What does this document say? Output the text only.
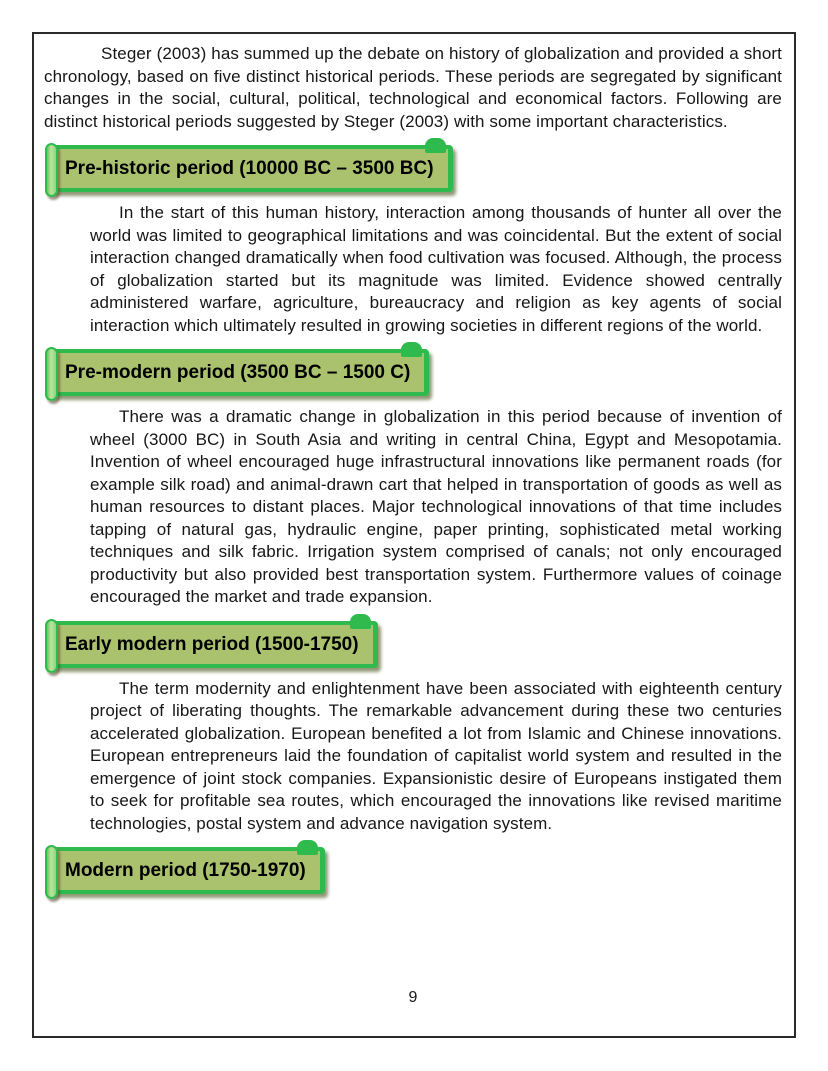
Steger (2003) has summed up the debate on history of globalization and provided a short chronology, based on five distinct historical periods. These periods are segregated by significant changes in the social, cultural, political, technological and economical factors. Following are distinct historical periods suggested by Steger (2003) with some important characteristics.

Pre-historic period (10000 BC – 3500 BC)

In the start of this human history, interaction among thousands of hunter all over the world was limited to geographical limitations and was coincidental. But the extent of social interaction changed dramatically when food cultivation was focused. Although, the process of globalization started but its magnitude was limited. Evidence showed centrally administered warfare, agriculture, bureaucracy and religion as key agents of social interaction which ultimately resulted in growing societies in different regions of the world.

Pre-modern period (3500 BC – 1500 C)

There was a dramatic change in globalization in this period because of invention of wheel (3000 BC) in South Asia and writing in central China, Egypt and Mesopotamia. Invention of wheel encouraged huge infrastructural innovations like permanent roads (for example silk road) and animal-drawn cart that helped in transportation of goods as well as human resources to distant places. Major technological innovations of that time includes tapping of natural gas, hydraulic engine, paper printing, sophisticated metal working techniques and silk fabric. Irrigation system comprised of canals; not only encouraged productivity but also provided best transportation system. Furthermore values of coinage encouraged the market and trade expansion.

Early modern period (1500-1750)

The term modernity and enlightenment have been associated with eighteenth century project of liberating thoughts. The remarkable advancement during these two centuries accelerated globalization. European benefited a lot from Islamic and Chinese innovations. European entrepreneurs laid the foundation of capitalist world system and resulted in the emergence of joint stock companies. Expansionistic desire of Europeans instigated them to seek for profitable sea routes, which encouraged the innovations like revised maritime technologies, postal system and advance navigation system.

Modern period (1750-1970)
9
